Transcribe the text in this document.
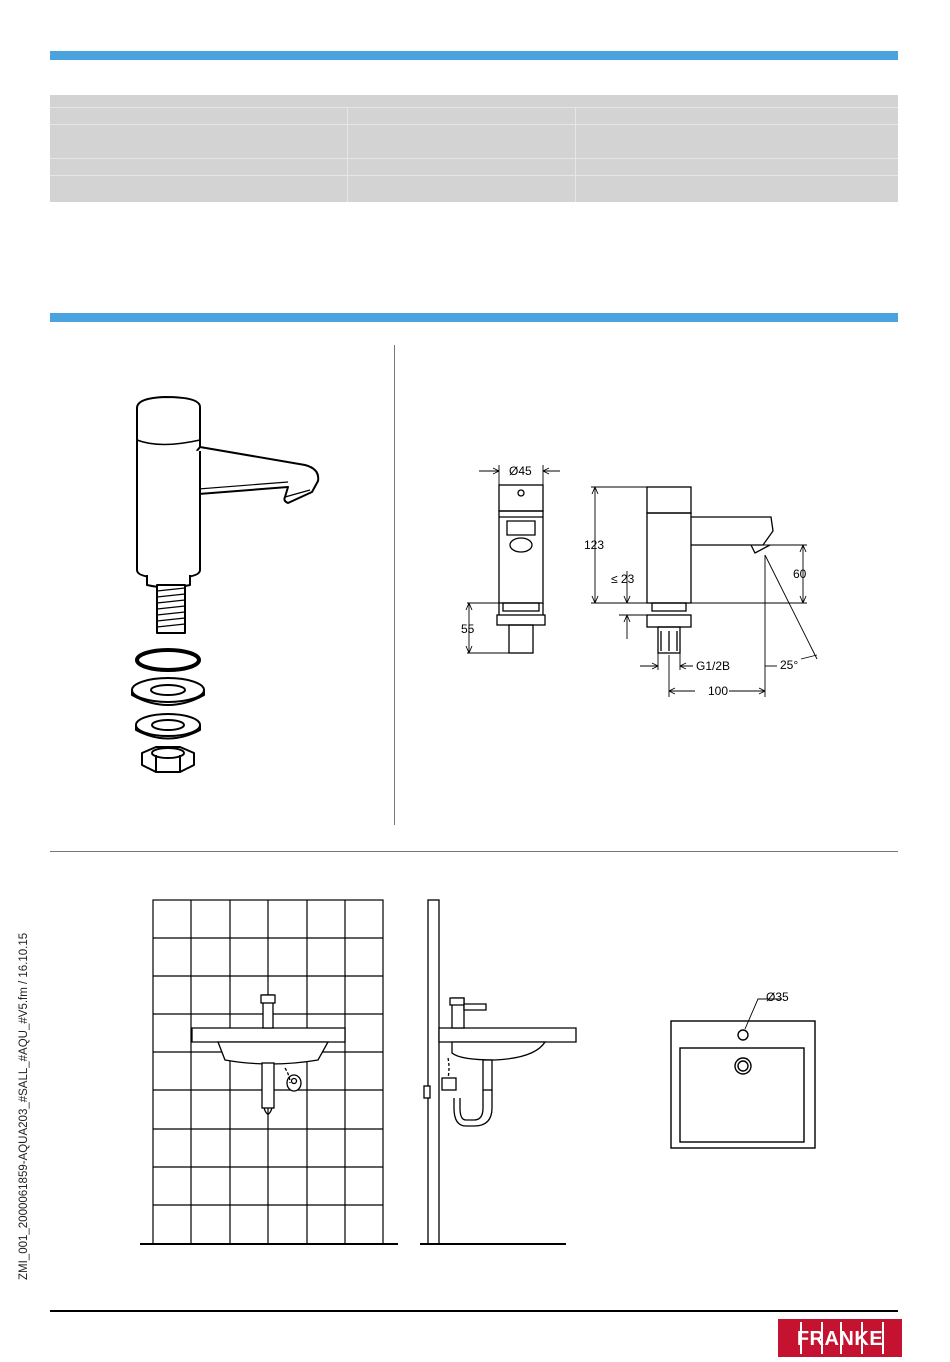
Ø45
55
123
≤ 23	60
G1/2B
100
25°
Ø35
ZMI_001_2000061859-AQUA203_#SALL_#AQU_#V5.fm / 16.10.15
FRANKE
